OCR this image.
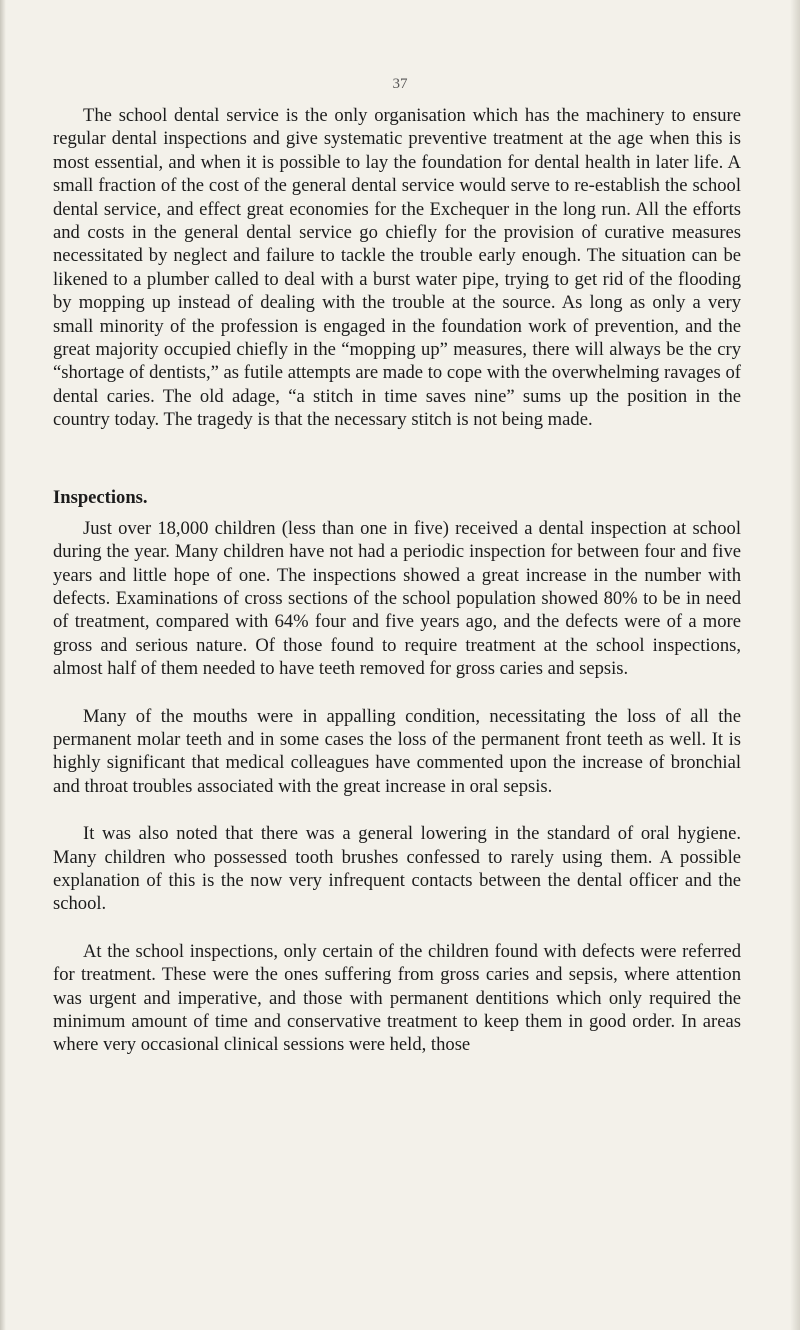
37

The school dental service is the only organisation which has the machinery to ensure regular dental inspections and give systematic preventive treatment at the age when this is most essential, and when it is possible to lay the foundation for dental health in later life. A small fraction of the cost of the general dental service would serve to re-establish the school dental service, and effect great economies for the Exchequer in the long run. All the efforts and costs in the general dental service go chiefly for the provision of curative measures necessitated by neglect and failure to tackle the trouble early enough. The situation can be likened to a plumber called to deal with a burst water pipe, trying to get rid of the flooding by mopping up instead of dealing with the trouble at the source. As long as only a very small minority of the profession is engaged in the foundation work of prevention, and the great majority occupied chiefly in the “mopping up” measures, there will always be the cry “shortage of dentists,” as futile attempts are made to cope with the overwhelming ravages of dental caries. The old adage, “a stitch in time saves nine” sums up the position in the country today. The tragedy is that the necessary stitch is not being made.

Inspections.

Just over 18,000 children (less than one in five) received a dental inspection at school during the year. Many children have not had a periodic inspection for between four and five years and little hope of one. The inspections showed a great increase in the number with defects. Examinations of cross sections of the school population showed 80% to be in need of treatment, compared with 64% four and five years ago, and the defects were of a more gross and serious nature. Of those found to require treatment at the school inspections, almost half of them needed to have teeth removed for gross caries and sepsis.

Many of the mouths were in appalling condition, necessitating the loss of all the permanent molar teeth and in some cases the loss of the permanent front teeth as well. It is highly significant that medical colleagues have commented upon the increase of bronchial and throat troubles associated with the great increase in oral sepsis.

It was also noted that there was a general lowering in the standard of oral hygiene. Many children who possessed tooth brushes confessed to rarely using them. A possible explanation of this is the now very infrequent contacts between the dental officer and the school.

At the school inspections, only certain of the children found with defects were referred for treatment. These were the ones suffering from gross caries and sepsis, where attention was urgent and imperative, and those with permanent dentitions which only required the minimum amount of time and conservative treatment to keep them in good order. In areas where very occasional clinical sessions were held, those
